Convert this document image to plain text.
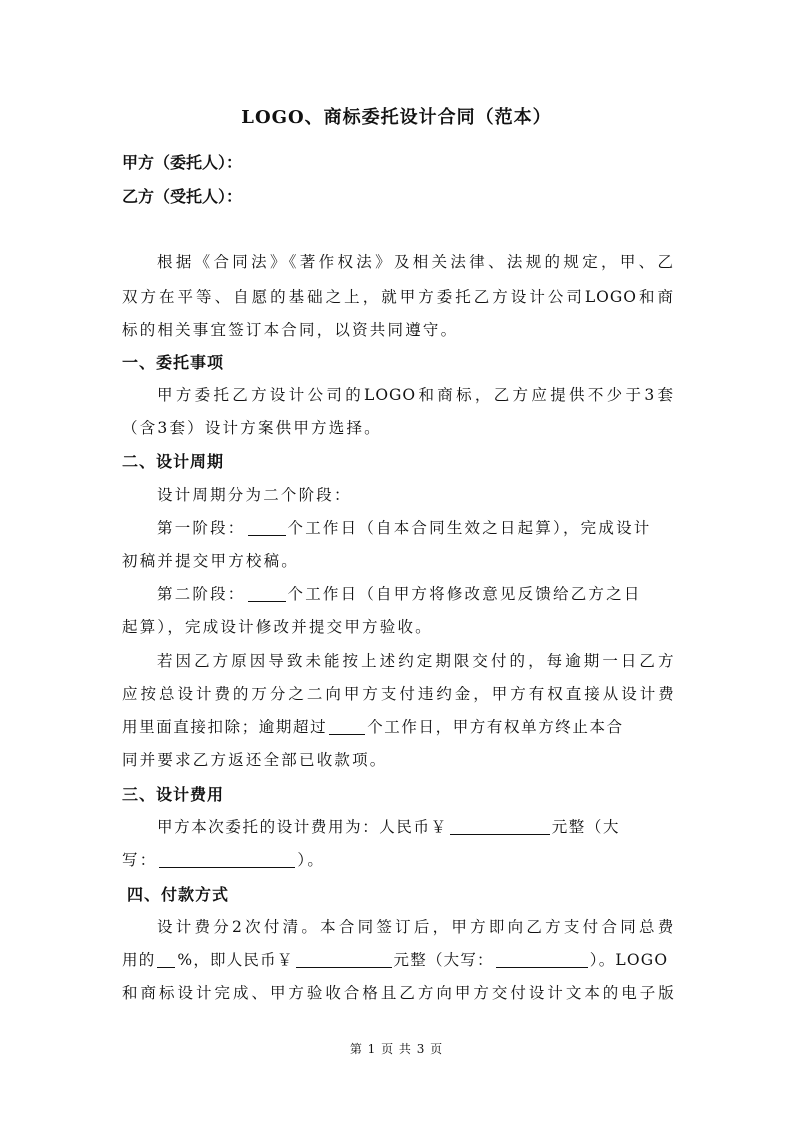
LOGO、商标委托设计合同（范本）
甲方（委托人）：
乙方（受托人）：
根据《合同法》《著作权法》及相关法律、法规的规定，甲、乙
双方在平等、自愿的基础之上，就甲方委托乙方设计公司LOGO和商
标的相关事宜签订本合同，以资共同遵守。
一、委托事项
甲方委托乙方设计公司的LOGO和商标，乙方应提供不少于3套
（含3套）设计方案供甲方选择。
二、设计周期
设计周期分为二个阶段：
第一阶段：	个工作日（自本合同生效之日起算），完成设计
初稿并提交甲方校稿。
第二阶段：	个工作日（自甲方将修改意见反馈给乙方之日
起算），完成设计修改并提交甲方验收。
若因乙方原因导致未能按上述约定期限交付的，每逾期一日乙方
应按总设计费的万分之二向甲方支付违约金，甲方有权直接从设计费
用里面直接扣除；逾期超过	个工作日，甲方有权单方终止本合
同并要求乙方返还全部已收款项。
三、设计费用
甲方本次委托的设计费用为：人民币￥	元整（大
写：	）。
四、付款方式
设计费分2次付清。本合同签订后，甲方即向乙方支付合同总费
用的 %，即人民币￥	元整（大写：	）。LOGO
和商标设计完成、甲方验收合格且乙方向甲方交付设计文本的电子版
第 1 页 共 3 页
